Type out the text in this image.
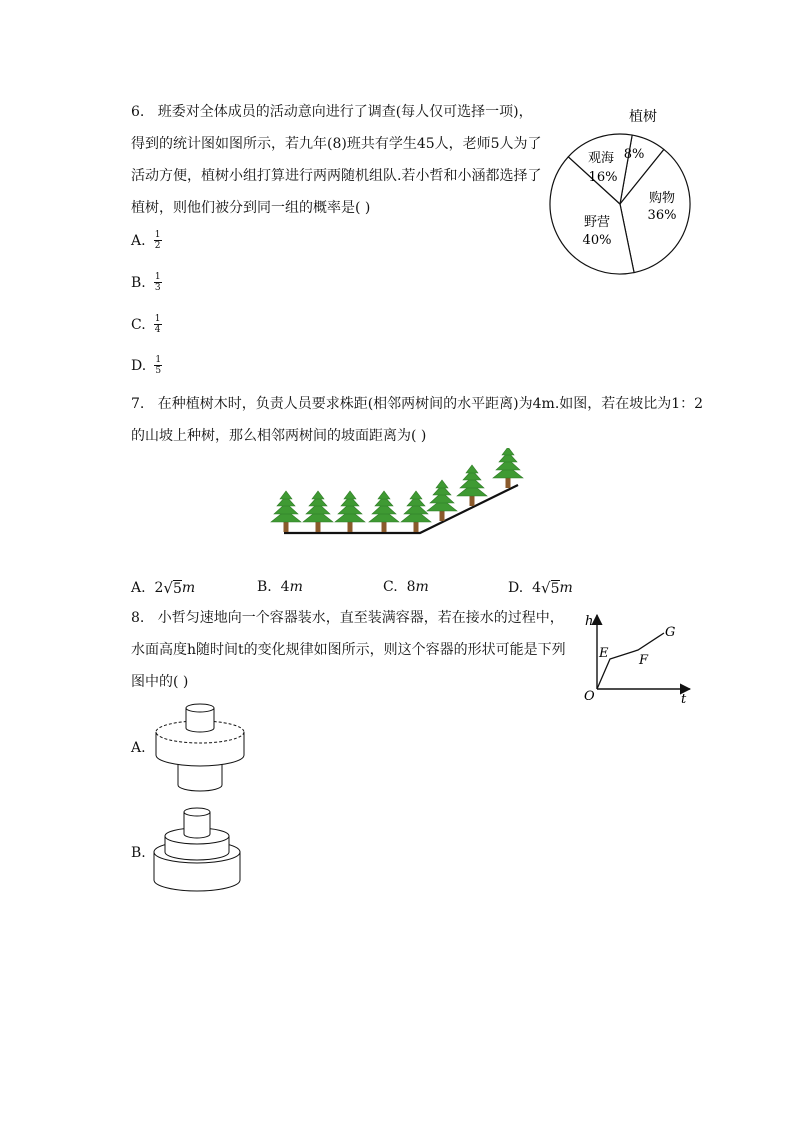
6. 班委对全体成员的活动意向进行了调查(每人仅可选择一项)，
得到的统计图如图所示，若九年(8)班共有学生45人，老师5人为了
活动方便，植树小组打算进行两两随机组队.若小哲和小涵都选择了
植树，则他们被分到同一组的概率是( )
A. $\frac{1}{2}$
B. $\frac{1}{3}$
C. $\frac{1}{4}$
D. $\frac{1}{5}$
植树
8%
购物
36%
野营
40%
观海
16%
7. 在种植树木时，负责人员要求株距(相邻两树间的水平距离)为4m.如图，若在坡比为1：2
的山坡上种树，那么相邻两树间的坡面距离为( )
A.
2 √ 5 m	B.
4 m	C.
8 m	D.
4 √ 5 m
8. 小哲匀速地向一个容器装水，直至装满容器，若在接水的过程中，
水面高度h随时间t的变化规律如图所示，则这个容器的形状可能是下列
图中的( )
h
t
O
E F
G
A.
B.
